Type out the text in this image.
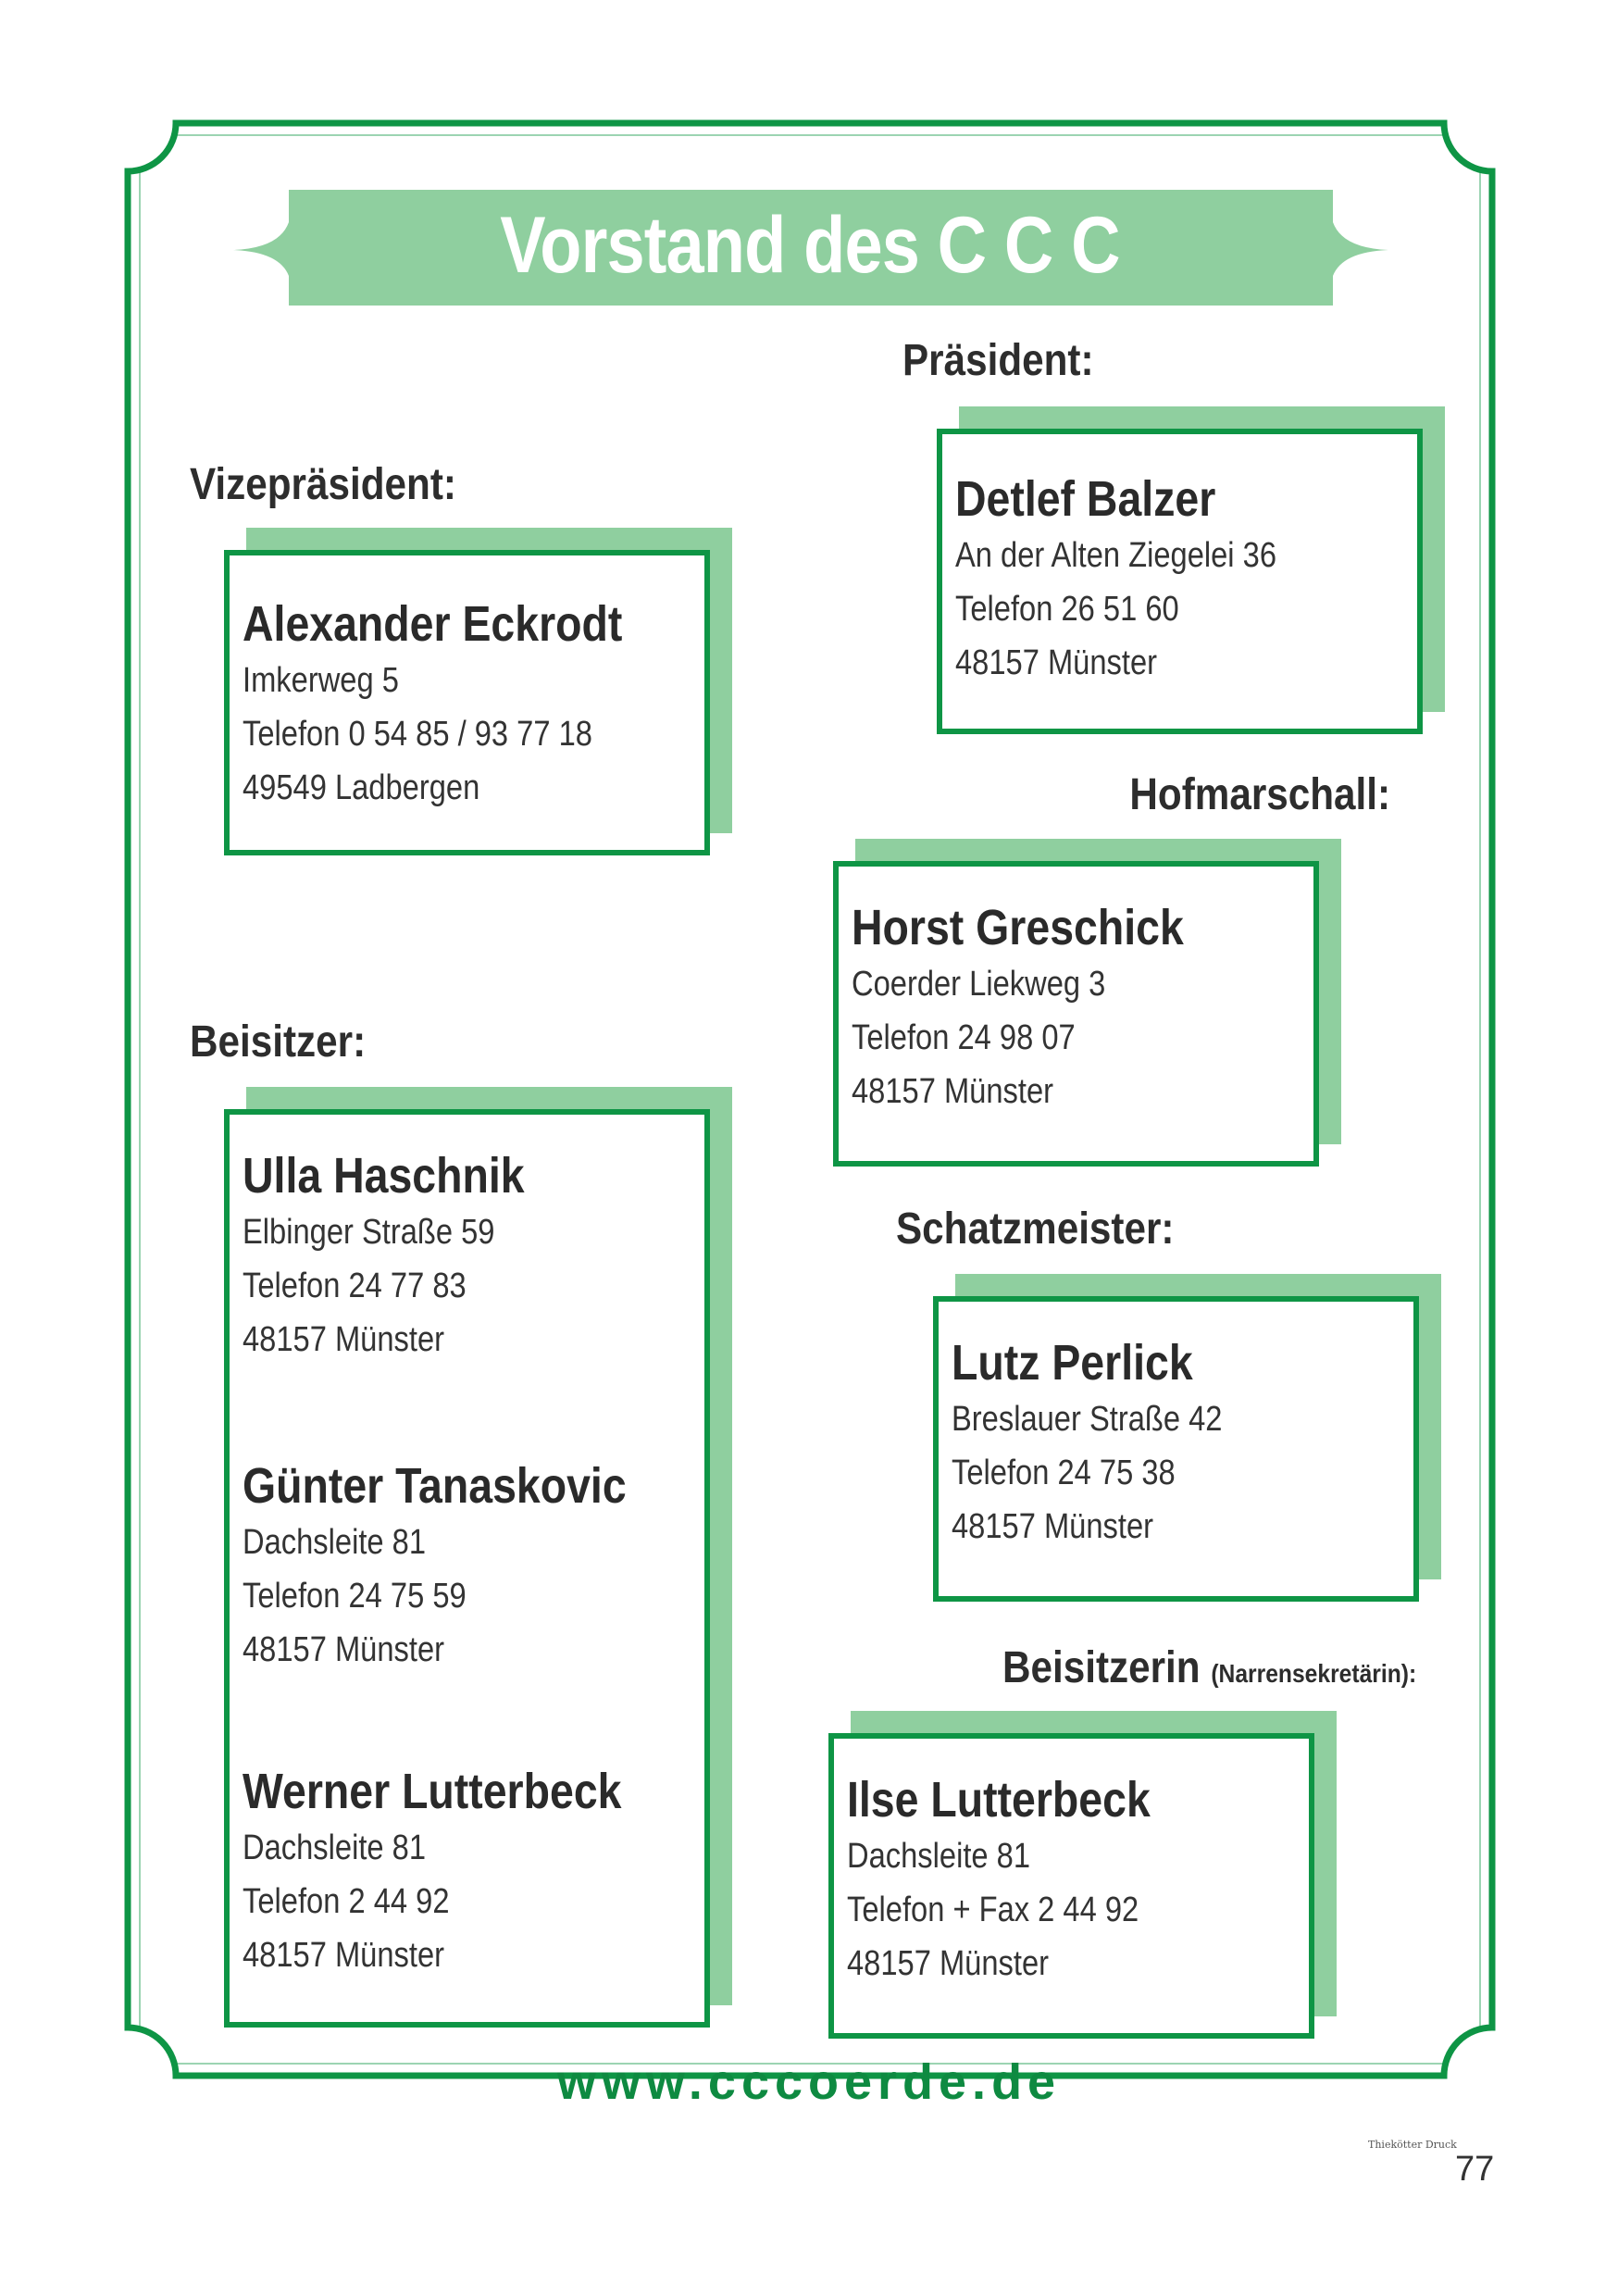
Vorstand des C C C
Präsident:
Detlef Balzer
An der Alten Ziegelei 36
Telefon 26 51 60
48157 Münster
Vizepräsident:
Alexander Eckrodt
Imkerweg 5
Telefon 0 54 85 / 93 77 18
49549 Ladbergen	Hofmarschall:
Horst Greschick
Coerder Liekweg 3
Telefon 24 98 07
48157 Münster
Beisitzer:
Ulla Haschnik
Elbinger Straße 59
Telefon 24 77 83
48157 Münster
Günter Tanaskovic
Dachsleite 81
Telefon 24 75 59
48157 Münster
Werner Lutterbeck
Dachsleite 81
Telefon 2 44 92
48157 Münster
Schatzmeister:
Lutz Perlick
Breslauer Straße 42
Telefon 24 75 38
48157 Münster
Beisitzerin (Narrensekretärin):
Ilse Lutterbeck
Dachsleite 81
Telefon + Fax 2 44 92
48157 Münster
www.cccoerde.de
Thiekötter Druck
77
